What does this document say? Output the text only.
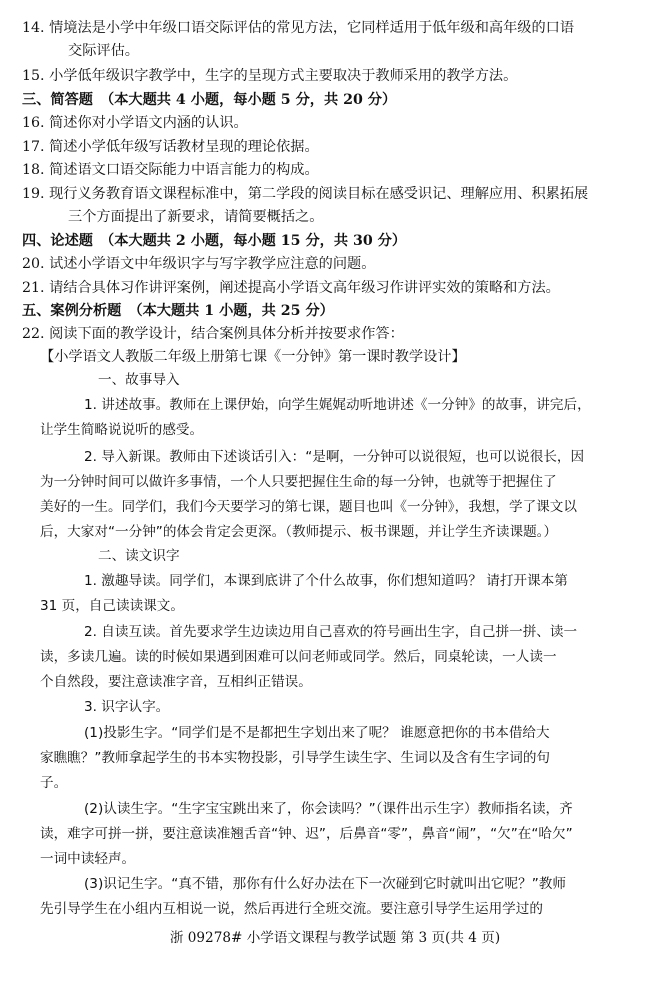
14. 情境法是小学中年级口语交际评估的常见方法，它同样适用于低年级和高年级的口语
交际评估。
15. 小学低年级识字教学中，生字的呈现方式主要取决于教师采用的教学方法。
三、简答题　（本大题共 4 小题，每小题 5 分，共 20 分）
16. 简述你对小学语文内涵的认识。
17. 简述小学低年级写话教材呈现的理论依据。
18. 简述语文口语交际能力中语言能力的构成。
19. 现行义务教育语文课程标准中，第二学段的阅读目标在感受识记、理解应用、积累拓展
三个方面提出了新要求，请简要概括之。
四、论述题　（本大题共 2 小题，每小题 15 分，共 30 分）
20. 试述小学语文中年级识字与写字教学应注意的问题。
21. 请结合具体习作讲评案例，阐述提高小学语文高年级习作讲评实效的策略和方法。
五、案例分析题　（本大题共 1 小题，共 25 分）
22. 阅读下面的教学设计，结合案例具体分析并按要求作答：
【小学语文人教版二年级上册第七课《一分钟》第一课时教学设计】
一、故事导入
1. 讲述故事。教师在上课伊始，向学生娓娓动听地讲述《一分钟》的故事，讲完后，
让学生简略说说听的感受。
2. 导入新课。教师由下述谈话引入：“是啊，一分钟可以说很短，也可以说很长，因
为一分钟时间可以做许多事情，一个人只要把握住生命的每一分钟，也就等于把握住了
美好的一生。同学们，我们今天要学习的第七课，题目也叫《一分钟》，我想，学了课文以
后，大家对“一分钟”的体会肯定会更深。（教师提示、板书课题，并让学生齐读课题。）
二、读文识字
1. 激趣导读。同学们，本课到底讲了个什么故事，你们想知道吗？ 请打开课本第
31 页，自己读读课文。
2. 自读互读。首先要求学生边读边用自己喜欢的符号画出生字，自己拼一拼、读一
读，多读几遍。读的时候如果遇到困难可以问老师或同学。然后，同桌轮读，一人读一
个自然段，要注意读准字音，互相纠正错误。
3. 识字认字。
(1)投影生字。“同学们是不是都把生字划出来了呢？ 谁愿意把你的书本借给大
家瞧瞧？”教师拿起学生的书本实物投影，引导学生读生字、生词以及含有生字词的句
子。
(2)认读生字。“生字宝宝跳出来了，你会读吗？”（课件出示生字）教师指名读，齐
读，难字可拼一拼，要注意读准翘舌音“钟、迟”，后鼻音“零”，鼻音“闹”，“欠”在“哈欠”
一词中读轻声。
(3)识记生字。“真不错，那你有什么好办法在下一次碰到它时就叫出它呢？”教师
先引导学生在小组内互相说一说，然后再进行全班交流。要注意引导学生运用学过的
浙 09278# 小学语文课程与教学试题 第 3 页(共 4 页)
